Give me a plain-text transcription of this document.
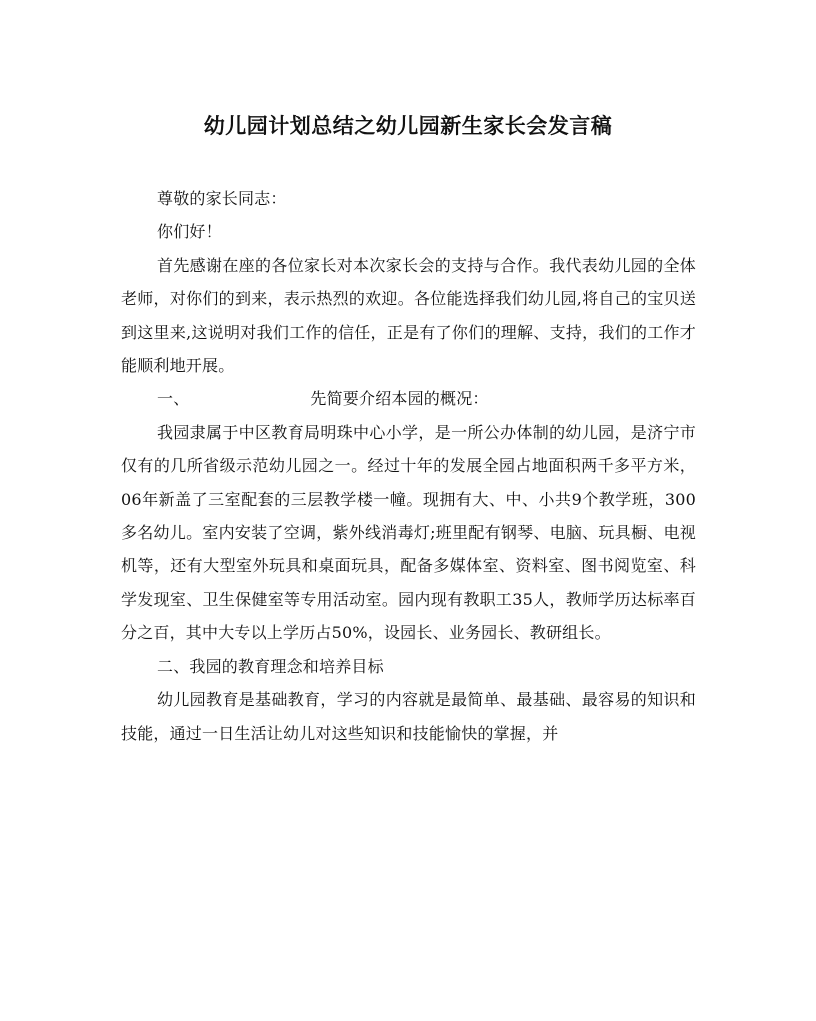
幼儿园计划总结之幼儿园新生家长会发言稿

尊敬的家长同志：

你们好！

首先感谢在座的各位家长对本次家长会的支持与合作。我代表幼儿园的全体老师，对你们的到来，表示热烈的欢迎。各位能选择我们幼儿园,将自己的宝贝送到这里来,这说明对我们工作的信任，正是有了你们的理解、支持，我们的工作才能顺利地开展。

一、	先简要介绍本园的概况：

我园隶属于中区教育局明珠中心小学，是一所公办体制的幼儿园，是济宁市仅有的几所省级示范幼儿园之一。经过十年的发展全园占地面积两千多平方米，06年新盖了三室配套的三层教学楼一幢。现拥有大、中、小共9个教学班，300多名幼儿。室内安装了空调，紫外线消毒灯;班里配有钢琴、电脑、玩具橱、电视机等，还有大型室外玩具和桌面玩具，配备多媒体室、资料室、图书阅览室、科学发现室、卫生保健室等专用活动室。园内现有教职工35人，教师学历达标率百分之百，其中大专以上学历占50%，设园长、业务园长、教研组长。

二、我园的教育理念和培养目标

幼儿园教育是基础教育，学习的内容就是最简单、最基础、最容易的知识和技能，通过一日生活让幼儿对这些知识和技能愉快的掌握，并
